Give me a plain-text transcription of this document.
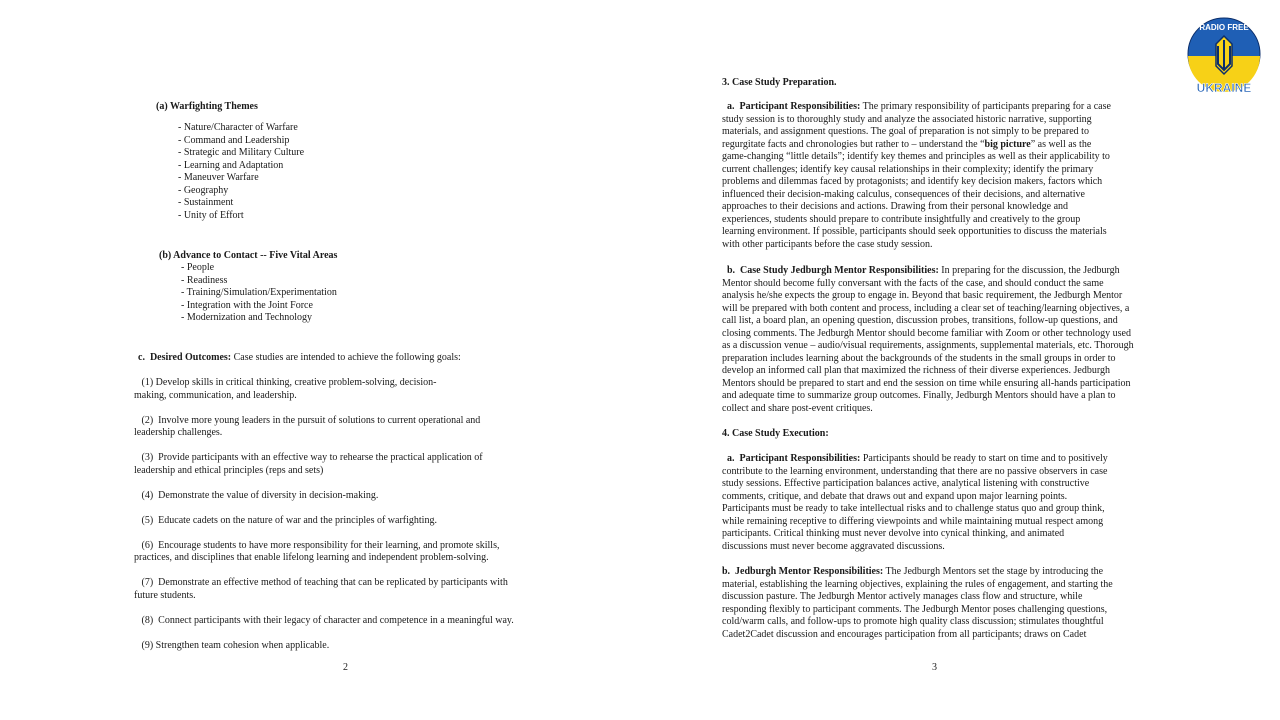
(a) Warfighting Themes
- Nature/Character of Warfare
- Command and Leadership
- Strategic and Military Culture
- Learning and Adaptation
- Maneuver Warfare
- Geography
- Sustainment
- Unity of Effort
(b) Advance to Contact -- Five Vital Areas
- People
- Readiness
- Training/Simulation/Experimentation
- Integration with the Joint Force
- Modernization and Technology
c.  Desired Outcomes: Case studies are intended to achieve the following goals:
(1) Develop skills in critical thinking, creative problem-solving, decision-
making, communication, and leadership.
(2)  Involve more young leaders in the pursuit of solutions to current operational and
leadership challenges.
(3)  Provide participants with an effective way to rehearse the practical application of
leadership and ethical principles (reps and sets)
(4)  Demonstrate the value of diversity in decision-making.
(5)  Educate cadets on the nature of war and the principles of warfighting.
(6)  Encourage students to have more responsibility for their learning, and promote skills,
practices, and disciplines that enable lifelong learning and independent problem-solving.
(7)  Demonstrate an effective method of teaching that can be replicated by participants with
future students.
(8)  Connect participants with their legacy of character and competence in a meaningful way.
(9) Strengthen team cohesion when applicable.
2
3. Case Study Preparation.
a.  Participant Responsibilities: The primary responsibility of participants preparing for a case
study session is to thoroughly study and analyze the associated historic narrative, supporting
materials, and assignment questions. The goal of preparation is not simply to be prepared to
regurgitate facts and chronologies but rather to – understand the “big picture” as well as the
game-changing “little details”; identify key themes and principles as well as their applicability to
current challenges; identify key causal relationships in their complexity; identify the primary
problems and dilemmas faced by protagonists; and identify key decision makers, factors which
influenced their decision-making calculus, consequences of their decisions, and alternative
approaches to their decisions and actions. Drawing from their personal knowledge and
experiences, students should prepare to contribute insightfully and creatively to the group
learning environment. If possible, participants should seek opportunities to discuss the materials
with other participants before the case study session.
b.  Case Study Jedburgh Mentor Responsibilities: In preparing for the discussion, the Jedburgh
Mentor should become fully conversant with the facts of the case, and should conduct the same
analysis he/she expects the group to engage in. Beyond that basic requirement, the Jedburgh Mentor
will be prepared with both content and process, including a clear set of teaching/learning objectives, a
call list, a board plan, an opening question, discussion probes, transitions, follow-up questions, and
closing comments. The Jedburgh Mentor should become familiar with Zoom or other technology used
as a discussion venue – audio/visual requirements, assignments, supplemental materials, etc. Thorough
preparation includes learning about the backgrounds of the students in the small groups in order to
develop an informed call plan that maximized the richness of their diverse experiences. Jedburgh
Mentors should be prepared to start and end the session on time while ensuring all-hands participation
and adequate time to summarize group outcomes. Finally, Jedburgh Mentors should have a plan to
collect and share post-event critiques.
4. Case Study Execution:
a.  Participant Responsibilities: Participants should be ready to start on time and to positively
contribute to the learning environment, understanding that there are no passive observers in case
study sessions. Effective participation balances active, analytical listening with constructive
comments, critique, and debate that draws out and expand upon major learning points.
Participants must be ready to take intellectual risks and to challenge status quo and group think,
while remaining receptive to differing viewpoints and while maintaining mutual respect among
participants. Critical thinking must never devolve into cynical thinking, and animated
discussions must never become aggravated discussions.
b.  Jedburgh Mentor Responsibilities: The Jedburgh Mentors set the stage by introducing the
material, establishing the learning objectives, explaining the rules of engagement, and starting the
discussion pasture. The Jedburgh Mentor actively manages class flow and structure, while
responding flexibly to participant comments. The Jedburgh Mentor poses challenging questions,
cold/warm calls, and follow-ups to promote high quality class discussion; stimulates thoughtful
Cadet2Cadet discussion and encourages participation from all participants; draws on Cadet
3
RADIO FREE
UKRAINE
